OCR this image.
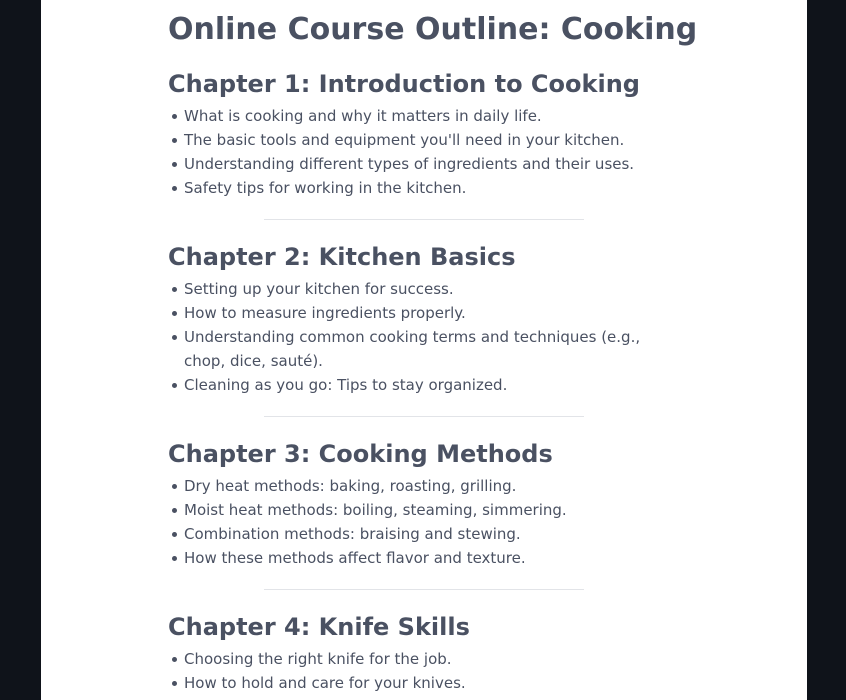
Online Course Outline: Cooking
Chapter 1: Introduction to Cooking
What is cooking and why it matters in daily life.
The basic tools and equipment you'll need in your kitchen.
Understanding different types of ingredients and their uses.
Safety tips for working in the kitchen.
Chapter 2: Kitchen Basics
Setting up your kitchen for success.
How to measure ingredients properly.
Understanding common cooking terms and techniques (e.g., chop, dice, sauté).
Cleaning as you go: Tips to stay organized.
Chapter 3: Cooking Methods
Dry heat methods: baking, roasting, grilling.
Moist heat methods: boiling, steaming, simmering.
Combination methods: braising and stewing.
How these methods affect flavor and texture.
Chapter 4: Knife Skills
Choosing the right knife for the job.
How to hold and care for your knives.
